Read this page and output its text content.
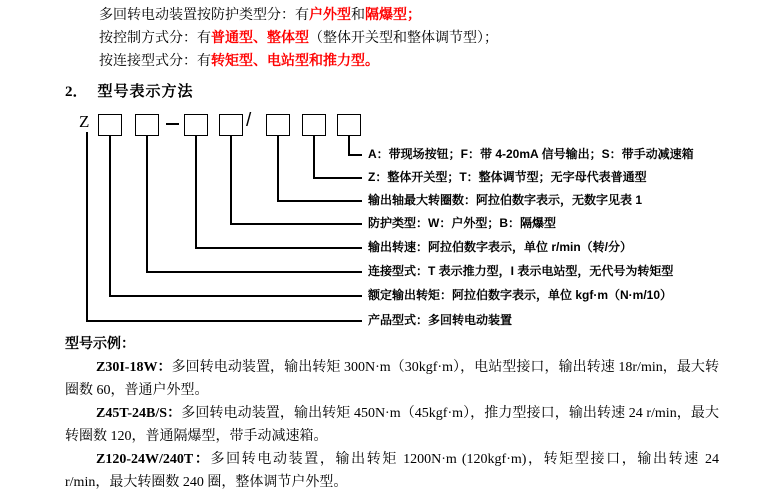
多回转电动装置按防护类型分：有户外型和隔爆型；
按控制方式分：有普通型、整体型（整体开关型和整体调节型）；
按连接型式分：有转矩型、电站型和推力型。
2． 型号表示方法
Z	/
A：带现场按钮；F：带 4-20mA 信号输出；S：带手动减速箱
Z：整体开关型；T：整体调节型；无字母代表普通型
输出轴最大转圈数：阿拉伯数字表示，无数字见表 1
防护类型：W：户外型；B：隔爆型
输出转速：阿拉伯数字表示，单位 r/min（转/分）
连接型式：T 表示推力型，I 表示电站型，无代号为转矩型
额定输出转矩：阿拉伯数字表示，单位 kgf·m（N·m/10）
产品型式：多回转电动装置

型号示例：

Z30I-18W：多回转电动装置，输出转矩 300N·m（30kgf·m），电站型接口，输出转速 18r/min，最大转圈数 60，普通户外型。

Z45T-24B/S：多回转电动装置，输出转矩 450N·m（45kgf·m），推力型接口，输出转速 24 r/min，最大转圈数 120，普通隔爆型，带手动减速箱。

Z120-24W/240T：多回转电动装置，输出转矩 1200N·m (120kgf·m)，转矩型接口，输出转速 24 r/min，最大转圈数 240 圈，整体调节户外型。
